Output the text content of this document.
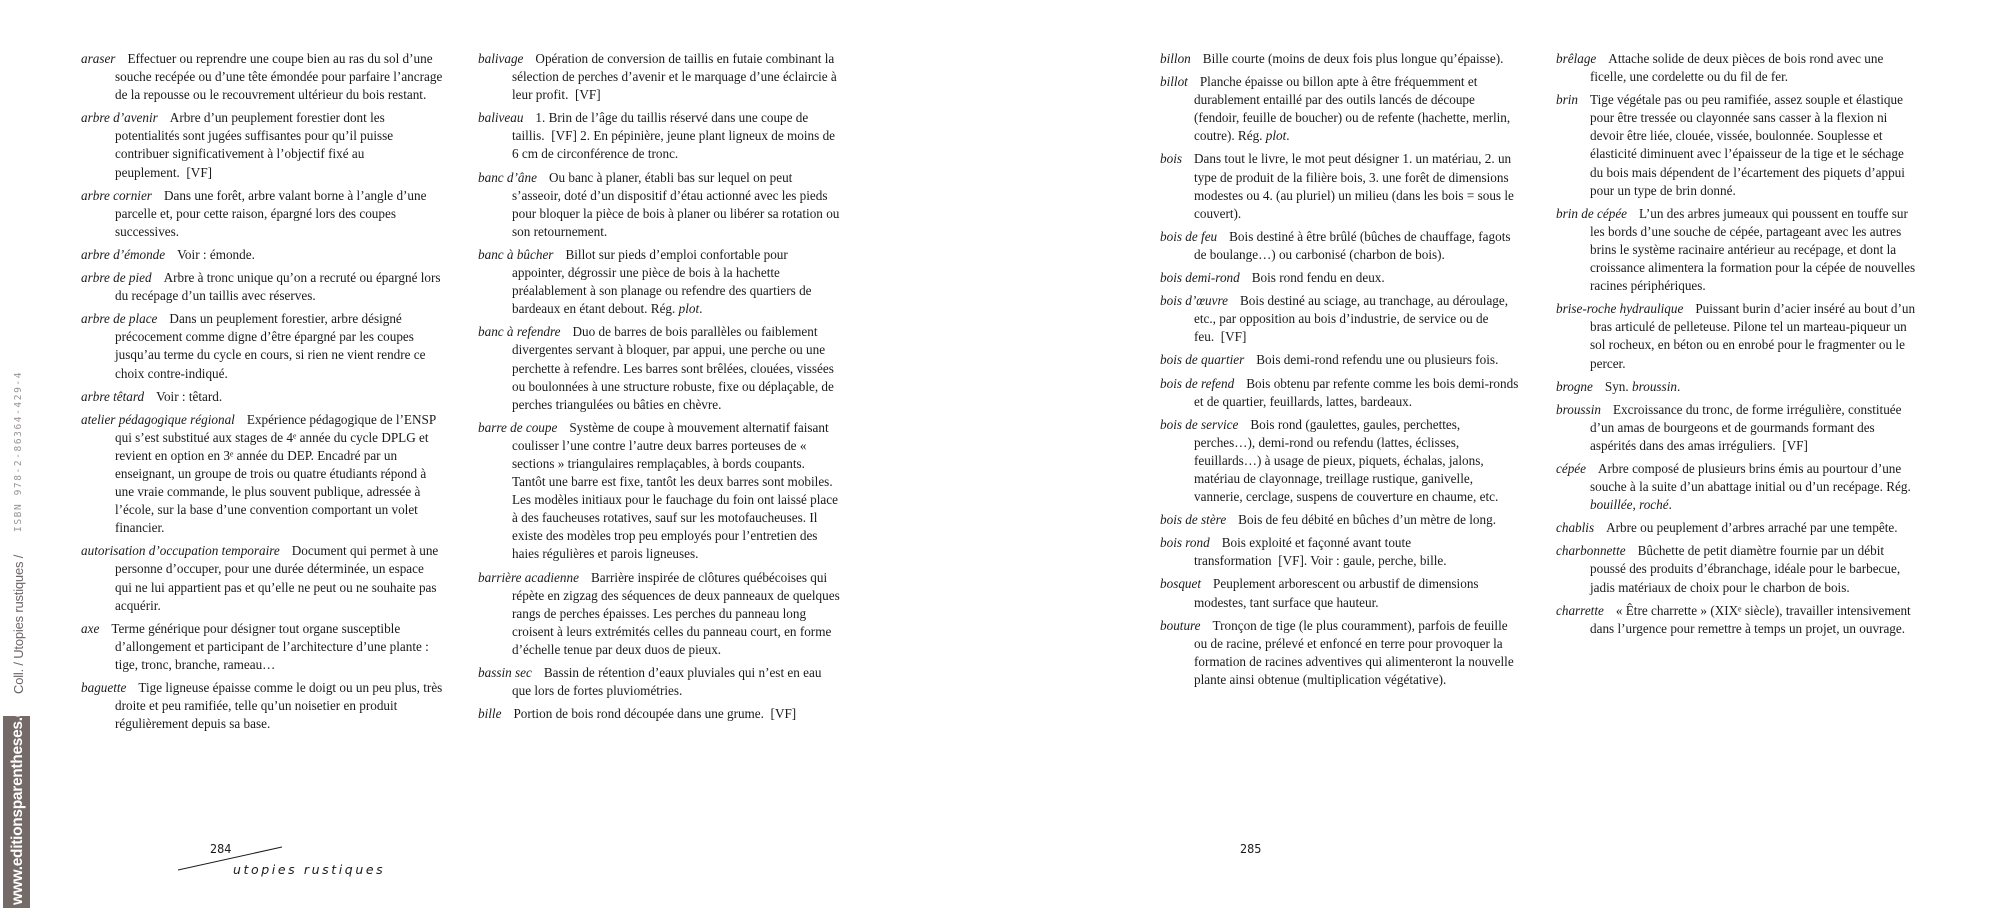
www.editionsparentheses.com
Coll. / Utopies rustiques /
ISBN 978-2-86364-429-4

araser Effectuer ou reprendre une coupe bien au ras du sol d’une souche recépée ou d’une tête émondée pour parfaire l’ancrage de la repousse ou le recouvrement ultérieur du bois restant.

arbre d’avenir Arbre d’un peuplement forestier dont les potentialités sont jugées suffisantes pour qu’il puisse contribuer significativement à l’objectif fixé au peuplement.  [VF]

arbre cornier Dans une forêt, arbre valant borne à l’angle d’une parcelle et, pour cette raison, épargné lors des coupes successives.

arbre d’émonde Voir : émonde.

arbre de pied Arbre à tronc unique qu’on a recruté ou épargné lors du recépage d’un taillis avec réserves.

arbre de place Dans un peuplement forestier, arbre désigné précocement comme digne d’être épargné par les coupes jusqu’au terme du cycle en cours, si rien ne vient rendre ce choix contre-indiqué.

arbre têtard Voir : têtard.

atelier pédagogique régional Expérience pédagogique de l’ENSP qui s’est substitué aux stages de 4ᵉ année du cycle DPLG et revient en option en 3ᵉ année du DEP. Encadré par un enseignant, un groupe de trois ou quatre étudiants répond à une vraie commande, le plus souvent publique, adressée à l’école, sur la base d’une convention comportant un volet financier.

autorisation d’occupation temporaire Document qui permet à une personne d’occuper, pour une durée déterminée, un espace qui ne lui appartient pas et qu’elle ne peut ou ne souhaite pas acquérir.

axe Terme générique pour désigner tout organe susceptible d’allongement et participant de l’architecture d’une plante : tige, tronc, branche, rameau…

baguette Tige ligneuse épaisse comme le doigt ou un peu plus, très droite et peu ramifiée, telle qu’un noisetier en produit régulièrement depuis sa base.

balivage Opération de conversion de taillis en futaie combinant la sélection de perches d’avenir et le marquage d’une éclaircie à leur profit.  [VF]

baliveau 1. Brin de l’âge du taillis réservé dans une coupe de taillis.  [VF] 2. En pépinière, jeune plant ligneux de moins de 6 cm de circonférence de tronc.

banc d’âne Ou banc à planer, établi bas sur lequel on peut s’asseoir, doté d’un dispositif d’étau actionné avec les pieds pour bloquer la pièce de bois à planer ou libérer sa rotation ou son retournement.

banc à bûcher Billot sur pieds d’emploi confortable pour appointer, dégrossir une pièce de bois à la hachette préalablement à son planage ou refendre des quartiers de bardeaux en étant debout. Rég. plot.

banc à refendre Duo de barres de bois parallèles ou faiblement divergentes servant à bloquer, par appui, une perche ou une perchette à refendre. Les barres sont brêlées, clouées, vissées ou boulonnées à une structure robuste, fixe ou déplaçable, de perches triangulées ou bâties en chèvre.

barre de coupe Système de coupe à mouvement alternatif faisant coulisser l’une contre l’autre deux barres porteuses de « sections » triangulaires remplaçables, à bords coupants. Tantôt une barre est fixe, tantôt les deux barres sont mobiles. Les modèles initiaux pour le fauchage du foin ont laissé place à des faucheuses rotatives, sauf sur les motofaucheuses. Il existe des modèles trop peu employés pour l’entretien des haies régulières et parois ligneuses.

barrière acadienne Barrière inspirée de clôtures québécoises qui répète en zigzag des séquences de deux panneaux de quelques rangs de perches épaisses. Les perches du panneau long croisent à leurs extrémités celles du panneau court, en forme d’échelle tenue par deux duos de pieux.

bassin sec Bassin de rétention d’eaux pluviales qui n’est en eau que lors de fortes pluviométries.

bille Portion de bois rond découpée dans une grume.  [VF]

billon Bille courte (moins de deux fois plus longue qu’épaisse).

billot Planche épaisse ou billon apte à être fréquemment et durablement entaillé par des outils lancés de découpe (fendoir, feuille de boucher) ou de refente (hachette, merlin, coutre). Rég. plot.

bois Dans tout le livre, le mot peut désigner 1. un matériau, 2. un type de produit de la filière bois, 3. une forêt de dimensions modestes ou 4. (au pluriel) un milieu (dans les bois = sous le couvert).

bois de feu Bois destiné à être brûlé (bûches de chauffage, fagots de boulange…) ou carbonisé (charbon de bois).

bois demi-rond Bois rond fendu en deux.

bois d’œuvre Bois destiné au sciage, au tranchage, au déroulage, etc., par opposition au bois d’industrie, de service ou de feu.  [VF]

bois de quartier Bois demi-rond refendu une ou plusieurs fois.

bois de refend Bois obtenu par refente comme les bois demi-ronds et de quartier, feuillards, lattes, bardeaux.

bois de service Bois rond (gaulettes, gaules, perchettes, perches…), demi-rond ou refendu (lattes, éclisses, feuillards…) à usage de pieux, piquets, échalas, jalons, matériau de clayonnage, treillage rustique, ganivelle, vannerie, cerclage, suspens de couverture en chaume, etc.

bois de stère Bois de feu débité en bûches d’un mètre de long.

bois rond Bois exploité et façonné avant toute transformation  [VF]. Voir : gaule, perche, bille.

bosquet Peuplement arborescent ou arbustif de dimensions modestes, tant surface que hauteur.

bouture Tronçon de tige (le plus couramment), parfois de feuille ou de racine, prélevé et enfoncé en terre pour provoquer la formation de racines adventives qui alimenteront la nouvelle plante ainsi obtenue (multiplication végétative).

brêlage Attache solide de deux pièces de bois rond avec une ficelle, une cordelette ou du fil de fer.

brin Tige végétale pas ou peu ramifiée, assez souple et élastique pour être tressée ou clayonnée sans casser à la flexion ni devoir être liée, clouée, vissée, boulonnée. Souplesse et élasticité diminuent avec l’épaisseur de la tige et le séchage du bois mais dépendent de l’écartement des piquets d’appui pour un type de brin donné.

brin de cépée L’un des arbres jumeaux qui poussent en touffe sur les bords d’une souche de cépée, partageant avec les autres brins le système racinaire antérieur au recépage, et dont la croissance alimentera la formation pour la cépée de nouvelles racines périphériques.

brise-roche hydraulique Puissant burin d’acier inséré au bout d’un bras articulé de pelleteuse. Pilone tel un marteau-piqueur un sol rocheux, en béton ou en enrobé pour le fragmenter ou le percer.

brogne Syn. broussin.

broussin Excroissance du tronc, de forme irrégulière, constituée d’un amas de bourgeons et de gourmands formant des aspérités dans des amas irréguliers.  [VF]

cépée Arbre composé de plusieurs brins émis au pourtour d’une souche à la suite d’un abattage initial ou d’un recépage. Rég. bouillée, roché.

chablis Arbre ou peuplement d’arbres arraché par une tempête.

charbonnette Bûchette de petit diamètre fournie par un débit poussé des produits d’ébranchage, idéale pour le barbecue, jadis matériaux de choix pour le charbon de bois.

charrette « Être charrette » (XIXᵉ siècle), travailler intensivement dans l’urgence pour remettre à temps un projet, un ouvrage.

284
utopies rustiques
285
